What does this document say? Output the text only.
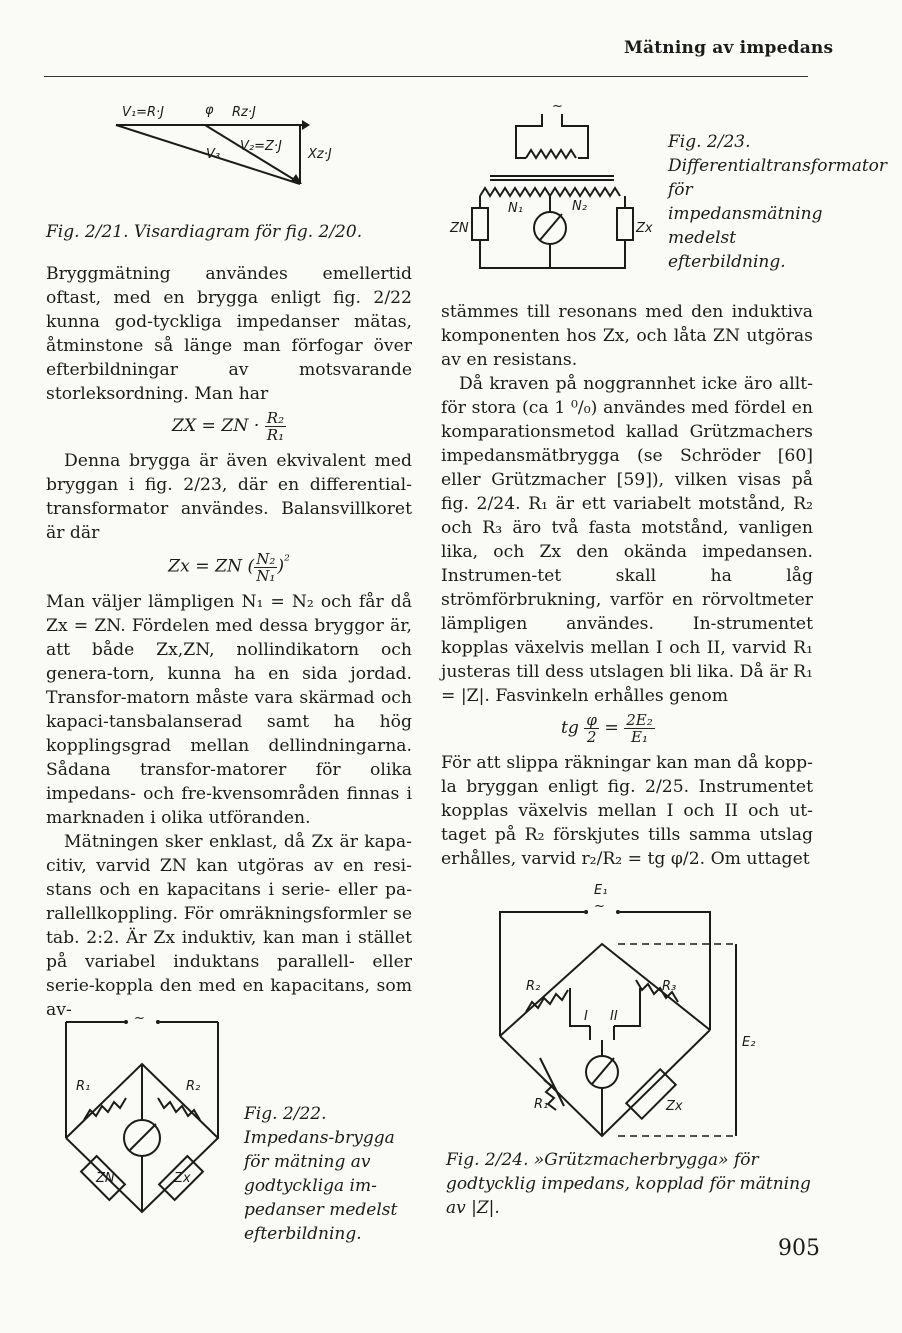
Mätning av impedans
V₁=R·J	φ Rz·J
Xz·J
V₃
V₂=Z·J
Fig. 2/21. Visardiagram för fig. 2/20.

Bryggmätning användes emellertid oftast, med en brygga enligt fig. 2/22 kunna god-tyckliga impedanser mätas, åtminstone så länge man förfogar över efterbildningar av motsvarande storleksordning. Man har

ZX = ZN · $\frac{\text{R₂}}{\text{R₁}}$

Denna brygga är även ekvivalent med bryggan i fig. 2/23, där en differential-transformator användes. Balansvillkoret är där

Zx = ZN ( $\frac{\text{N₂}}{\text{N₁}} )^{^2}$

Man väljer lämpligen N₁ = N₂ och får då Zx = ZN. Fördelen med dessa bryggor är, att både Zx,ZN, nollindikatorn och genera-torn, kunna ha en sida jordad. Transfor-matorn måste vara skärmad och kapaci-tansbalanserad samt ha hög kopplingsgrad mellan dellindningarna. Sådana transfor-matorer för olika impedans- och fre-kvensområden finnas i marknaden i olika utföranden.

Mätningen sker enklast, då Zx är kapa-citiv, varvid ZN kan utgöras av en resi-stans och en kapacitans i serie- eller pa-rallellkoppling. För omräkningsformler se tab. 2:2. Är Zx induktiv, kan man i stället på variabel induktans parallell- eller serie-koppla den med en kapacitans, som av-	~
R₁	R₂
ZN	Zx
Fig. 2/22. Impedans-brygga för mätning av godtyckliga im-pedanser medelst efterbildning.
~
N₁	N₂
ZN	Zx
Fig. 2/23. Differentialtransformator för impedansmätning medelst efterbildning.

stämmes till resonans med den induktiva komponenten hos Zx, och låta ZN utgöras av en resistans.

Då kraven på noggrannhet icke äro allt-för stora (ca 1 ⁰/₀) användes med fördel en komparationsmetod kallad Grützmachers impedansmätbrygga (se Schröder [60] eller Grützmacher [59]), vilken visas på fig. 2/24. R₁ är ett variabelt motstånd, R₂ och R₃ äro två fasta motstånd, vanligen lika, och Zx den okända impedansen. Instrumen-tet skall ha låg strömförbrukning, varför en rörvoltmeter lämpligen användes. In-strumentet kopplas växelvis mellan I och II, varvid R₁ justeras till dess utslagen bli lika. Då är R₁ = |Z|. Fasvinkeln erhålles genom

tg $\frac{\varphi}{2} = \frac{\text{2E₂}}{\text{E₁}}$

För att slippa räkningar kan man då kopp-la bryggan enligt fig. 2/25. Instrumentet kopplas växelvis mellan I och II och ut-taget på R₂ förskjutes tills samma utslag erhålles, varvid r₂/R₂ = tg φ/2. Om uttaget

E₁
~
R₂	R₃
I II
R₁	Zx
E₂
Fig. 2/24. »Grützmacherbrygga» för godtycklig impedans, kopplad för mätning av |Z|.
905
